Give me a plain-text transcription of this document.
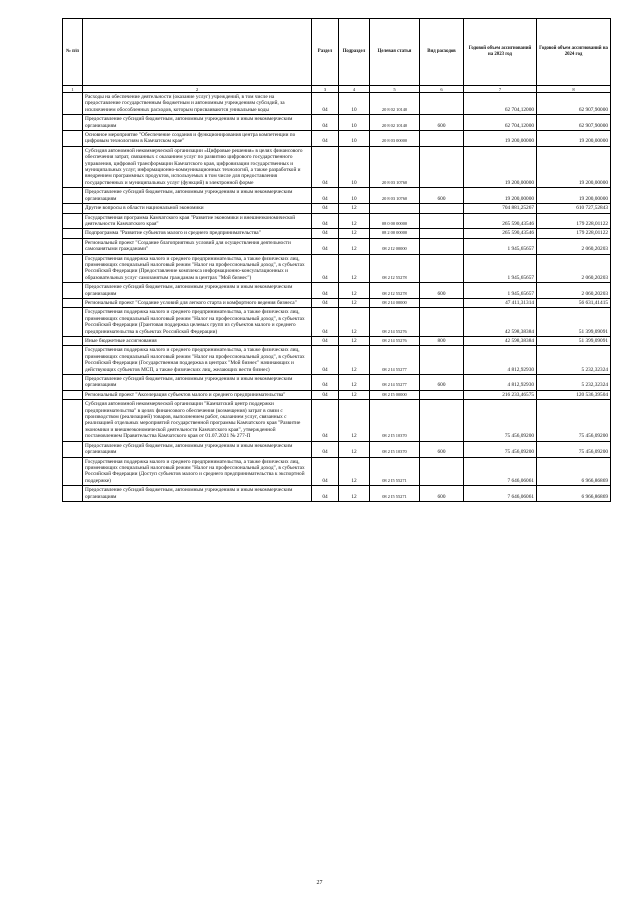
№ п/п		Раздел	Подраздел	Целевая статья	Вид расходов	Годовой объем ассигнований на 2023 год	Годовой объем ассигнований на 2024 год
1	2	3	4	5	6	7	8
	Расходы на обеспечение деятельности (оказание услуг) учреждений, в том числе на предоставление государственным бюджетным и автономным учреждениям субсидий, за исключением обособленных расходов, которым присваиваются уникальные коды	04	10	20 8 02 10140		62 704,12000	62 907,90000
	Предоставление субсидий бюджетным, автономным учреждениям и иным некоммерческим организациям	04	10	20 8 02 10140	600	62 704,12000	62 907,90000
	Основное мероприятие "Обеспечение создания и функционирования центра компетенции по цифровым технологиям в Камчатском крае"	04	10	20 8 03 00000		19 200,00000	19 200,00000
	Субсидия автономной некоммерческой организации «Цифровые решения» в целях финансового обеспечения затрат, связанных с оказанием услуг по развитию цифрового государственного управления, цифровой трансформации Камчатского края, цифровизации государственных и муниципальных услуг, информационно-коммуникационных технологий, а также разработкой и внедрением программных продуктов, используемых в том числе для предоставления государственных и муниципальных услуг (функций) в электронной форме	04	10	20 8 03 10760		19 200,00000	19 200,00000
	Предоставление субсидий бюджетным, автономным учреждениям и иным некоммерческим организациям	04	10	20 8 03 10760	600	19 200,00000	19 200,00000
	Другие вопросы в области национальной экономики	04	12			704 881,25267	610 727,52843
	Государственная программа Камчатского края "Развитие экономики и внешнеэкономической деятельности Камчатского края"	04	12	08 0 00 00000		265 590,43546	179 228,01122
	Подпрограмма "Развитие субъектов малого и среднего предпринимательства"	04	12	08 2 00 00000		265 590,43546	179 228,01122
	Региональный проект "Создание благоприятных условий для осуществления деятельности самозанятыми гражданами"	04	12	08 2 I2 00000		1 945,65657	2 060,20203
	Государственная поддержка малого и среднего предпринимательства, а также физических лиц, применяющих специальный налоговый режим "Налог на профессиональный доход", в субъектах Российской Федерации (Предоставление комплекса информационно-консультационных и образовательных услуг самозанятым гражданам в центрах "Мой бизнес")	04	12	08 2 I2 55278		1 945,65657	2 060,20203
	Предоставление субсидий бюджетным, автономным учреждениям и иным некоммерческим организациям	04	12	08 2 I2 55278	600	1 945,65657	2 060,20203
	Региональный проект "Создание условий для легкого старта и комфортного ведения бизнеса"	04	12	08 2 I4 00000		47 411,31314	56 631,41415
	Государственная поддержка малого и среднего предпринимательства, а также физических лиц, применяющих специальный налоговый режим "Налог на профессиональный доход", в субъектах Российской Федерации (Грантовая поддержка целевых групп из субъектов малого и среднего предпринимательства в субъектах Российской Федерации)	04	12	08 2 I4 55276		42 598,38384	51 399,09091
	Иные бюджетные ассигнования	04	12	08 2 I4 55276	800	42 598,38384	51 399,09091
	Государственная поддержка малого и среднего предпринимательства, а также физических лиц, применяющих специальный налоговый режим "Налог на профессиональный доход", в субъектах Российской Федерации (Государственная поддержка в центрах "Мой бизнес" начинающих и действующих субъектов МСП, а также физических лиц, желающих вести бизнес)	04	12	08 2 I4 55277		4 812,92930	5 232,32324
	Предоставление субсидий бюджетным, автономным учреждениям и иным некоммерческим организациям	04	12	08 2 I4 55277	600	4 812,92930	5 232,32324
	Региональный проект "Акселерация субъектов малого и среднего предпринимательства"	04	12	08 2 I5 00000		216 233,46575	120 536,39504
	Субсидия автономной некоммерческой организации "Камчатский центр поддержки предпринимательства" в целях финансового обеспечения (возмещения) затрат в связи с производством (реализацией) товаров, выполнением работ, оказанием услуг, связанных с реализацией отдельных мероприятий государственной программы Камчатского края "Развитие экономики и внешнеэкономической деятельности Камчатского края", утвержденной постановлением Правительства Камчатского края от 01.07.2021 № 277-П	04	12	08 2 I5 10370		75 456,09200	75 456,09200
	Предоставление субсидий бюджетным, автономным учреждениям и иным некоммерческим организациям	04	12	08 2 I5 10370	600	75 456,09200	75 456,09200
	Государственная поддержка малого и среднего предпринимательства, а также физических лиц, применяющих специальный налоговый режим "Налог на профессиональный доход", в субъектах Российской Федерации (Доступ субъектов малого и среднего предпринимательства к экспортной поддержке)	04	12	08 2 I5 55271		7 646,06061	6 966,86869
	Предоставление субсидий бюджетным, автономным учреждениям и иным некоммерческим организациям	04	12	08 2 I5 55271	600	7 646,06061	6 966,86869
27
